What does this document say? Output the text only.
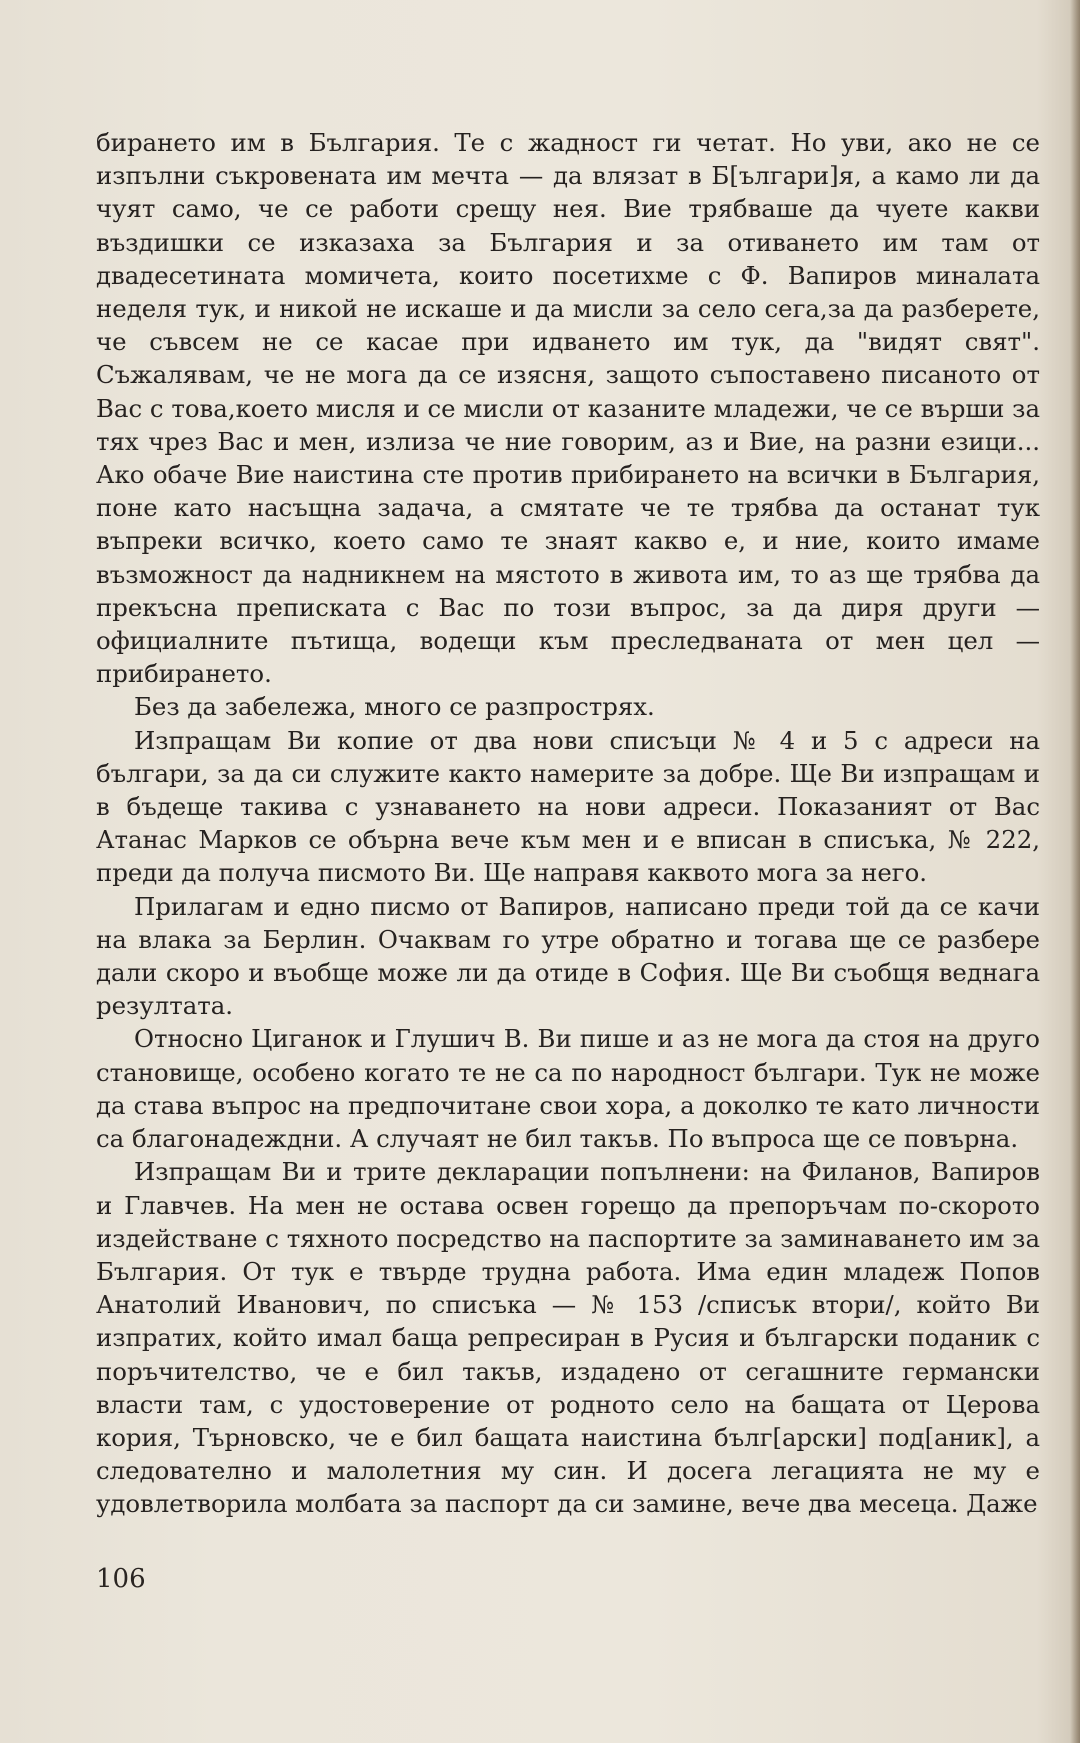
бирането им в България. Те с жадност ги четат. Но уви, ако не се изпълни съкровената им мечта — да влязат в Б[ългари]я, а камо ли да чуят само, че се работи срещу нея. Вие трябваше да чуете какви въздишки се изказаха за България и за отиването им там от двадесетината момичета, които посетихме с Ф. Вапиров миналата неделя тук, и никой не искаше и да мисли за село сега,за да разберете, че съвсем не се касае при идването им тук, да "видят свят". Съжалявам, че не мога да се изясня, защото съпоставено писаното от Вас с това,което мисля и се мисли от казаните младежи, че се върши за тях чрез Вас и мен, излиза че ние говорим, аз и Вие, на разни езици... Ако обаче Вие наистина сте против прибирането на всички в България, поне като насъщна задача, а смятате че те трябва да останат тук въпреки всичко, което само те знаят какво е, и ние, които имаме възможност да надникнем на мястото в живота им, то аз ще трябва да прекъсна преписката с Вас по този въпрос, за да диря други — официалните пътища, водещи към преследваната от мен цел — прибирането.

Без да забележа, много се разпрострях.

Изпращам Ви копие от два нови списъци № 4 и 5 с адреси на българи, за да си служите както намерите за добре. Ще Ви изпращам и в бъдеще такива с узнаването на нови адреси. Показаният от Вас Атанас Марков се обърна вече към мен и е вписан в списъка, № 222, преди да получа писмото Ви. Ще направя каквото мога за него.

Прилагам и едно писмо от Вапиров, написано преди той да се качи на влака за Берлин. Очаквам го утре обратно и тогава ще се разбере дали скоро и въобще може ли да отиде в София. Ще Ви съобщя веднага резултата.

Относно Циганок и Глушич В. Ви пише и аз не мога да стоя на друго становище, особено когато те не са по народност българи. Тук не може да става въпрос на предпочитане свои хора, а доколко те като личности са благонадеждни. А случаят не бил такъв. По въпроса ще се повърна.

Изпращам Ви и трите декларации попълнени: на Филанов, Вапиров и Главчев. На мен не остава освен горещо да препоръчам по-скорото издействане с тяхното посредство на паспортите за заминаването им за България. От тук е твърде трудна работа. Има един младеж Попов Анатолий Иванович, по списъка — № 153 /списък втори/, който Ви изпратих, който имал баща репресиран в Русия и български поданик с поръчителство, че е бил такъв, издадено от сегашните германски власти там, с удостоверение от родното село на бащата от Церова кория, Търновско, че е бил бащата наистина бълг[арски] под[аник], а следователно и малолетния му син. И досега легацията не му е удовлетворила молбата за паспорт да си замине, вече два месеца. Даже

106
